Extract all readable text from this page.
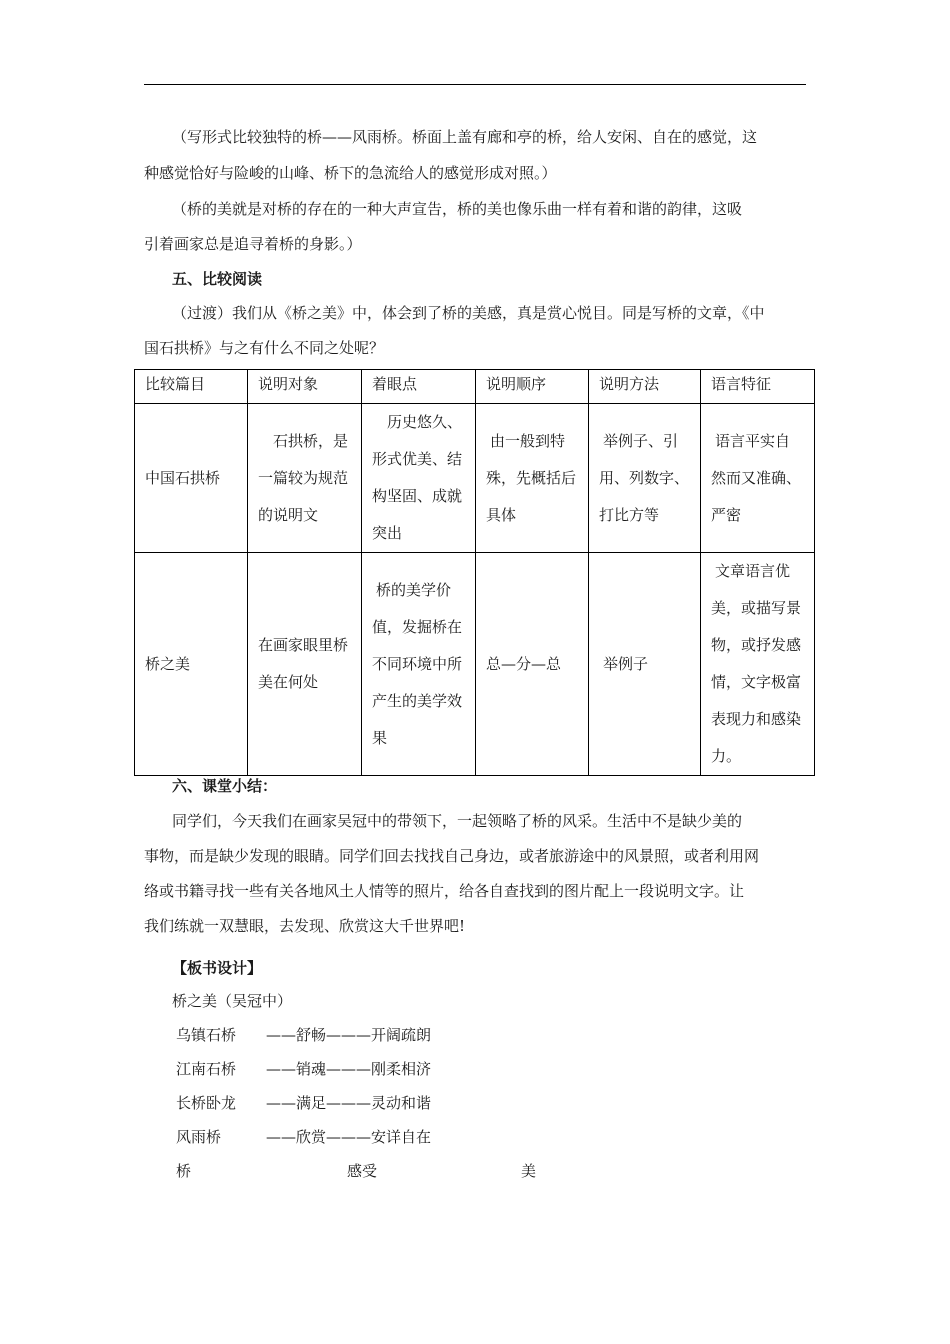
（写形式比较独特的桥——风雨桥。桥面上盖有廊和亭的桥，给人安闲、自在的感觉，这
种感觉恰好与险峻的山峰、桥下的急流给人的感觉形成对照。）
（桥的美就是对桥的存在的一种大声宣告，桥的美也像乐曲一样有着和谐的韵律，这吸
引着画家总是追寻着桥的身影。）
五、比较阅读
（过渡）我们从《桥之美》中，体会到了桥的美感，真是赏心悦目。同是写桥的文章，《中
国石拱桥》与之有什么不同之处呢？
比较篇目	说明对象	着眼点	说明顺序	说明方法	语言特征
中国石拱桥	石拱桥，是一篇较为规范的说明文	历史悠久、形式优美、结构坚固、成就突出	由一般到特殊，先概括后具体	举例子、引用、列数字、打比方等	语言平实自然而又准确、严密
桥之美	在画家眼里桥美在何处	桥的美学价值，发掘桥在不同环境中所产生的美学效果	总—分—总	举例子	文章语言优美，或描写景物，或抒发感情，文字极富表现力和感染力。
六、课堂小结：
同学们，今天我们在画家吴冠中的带领下，一起领略了桥的风采。生活中不是缺少美的
事物，而是缺少发现的眼睛。同学们回去找找自己身边，或者旅游途中的风景照，或者利用网
络或书籍寻找一些有关各地风土人情等的照片，给各自查找到的图片配上一段说明文字。让
我们练就一双慧眼，去发现、欣赏这大千世界吧!
【板书设计】
桥之美（吴冠中）
乌镇石桥 ——舒畅———开阔疏朗
江南石桥 ——销魂———刚柔相济
长桥卧龙 ——满足———灵动和谐
风雨桥	——欣赏———安详自在
桥	感受	美
